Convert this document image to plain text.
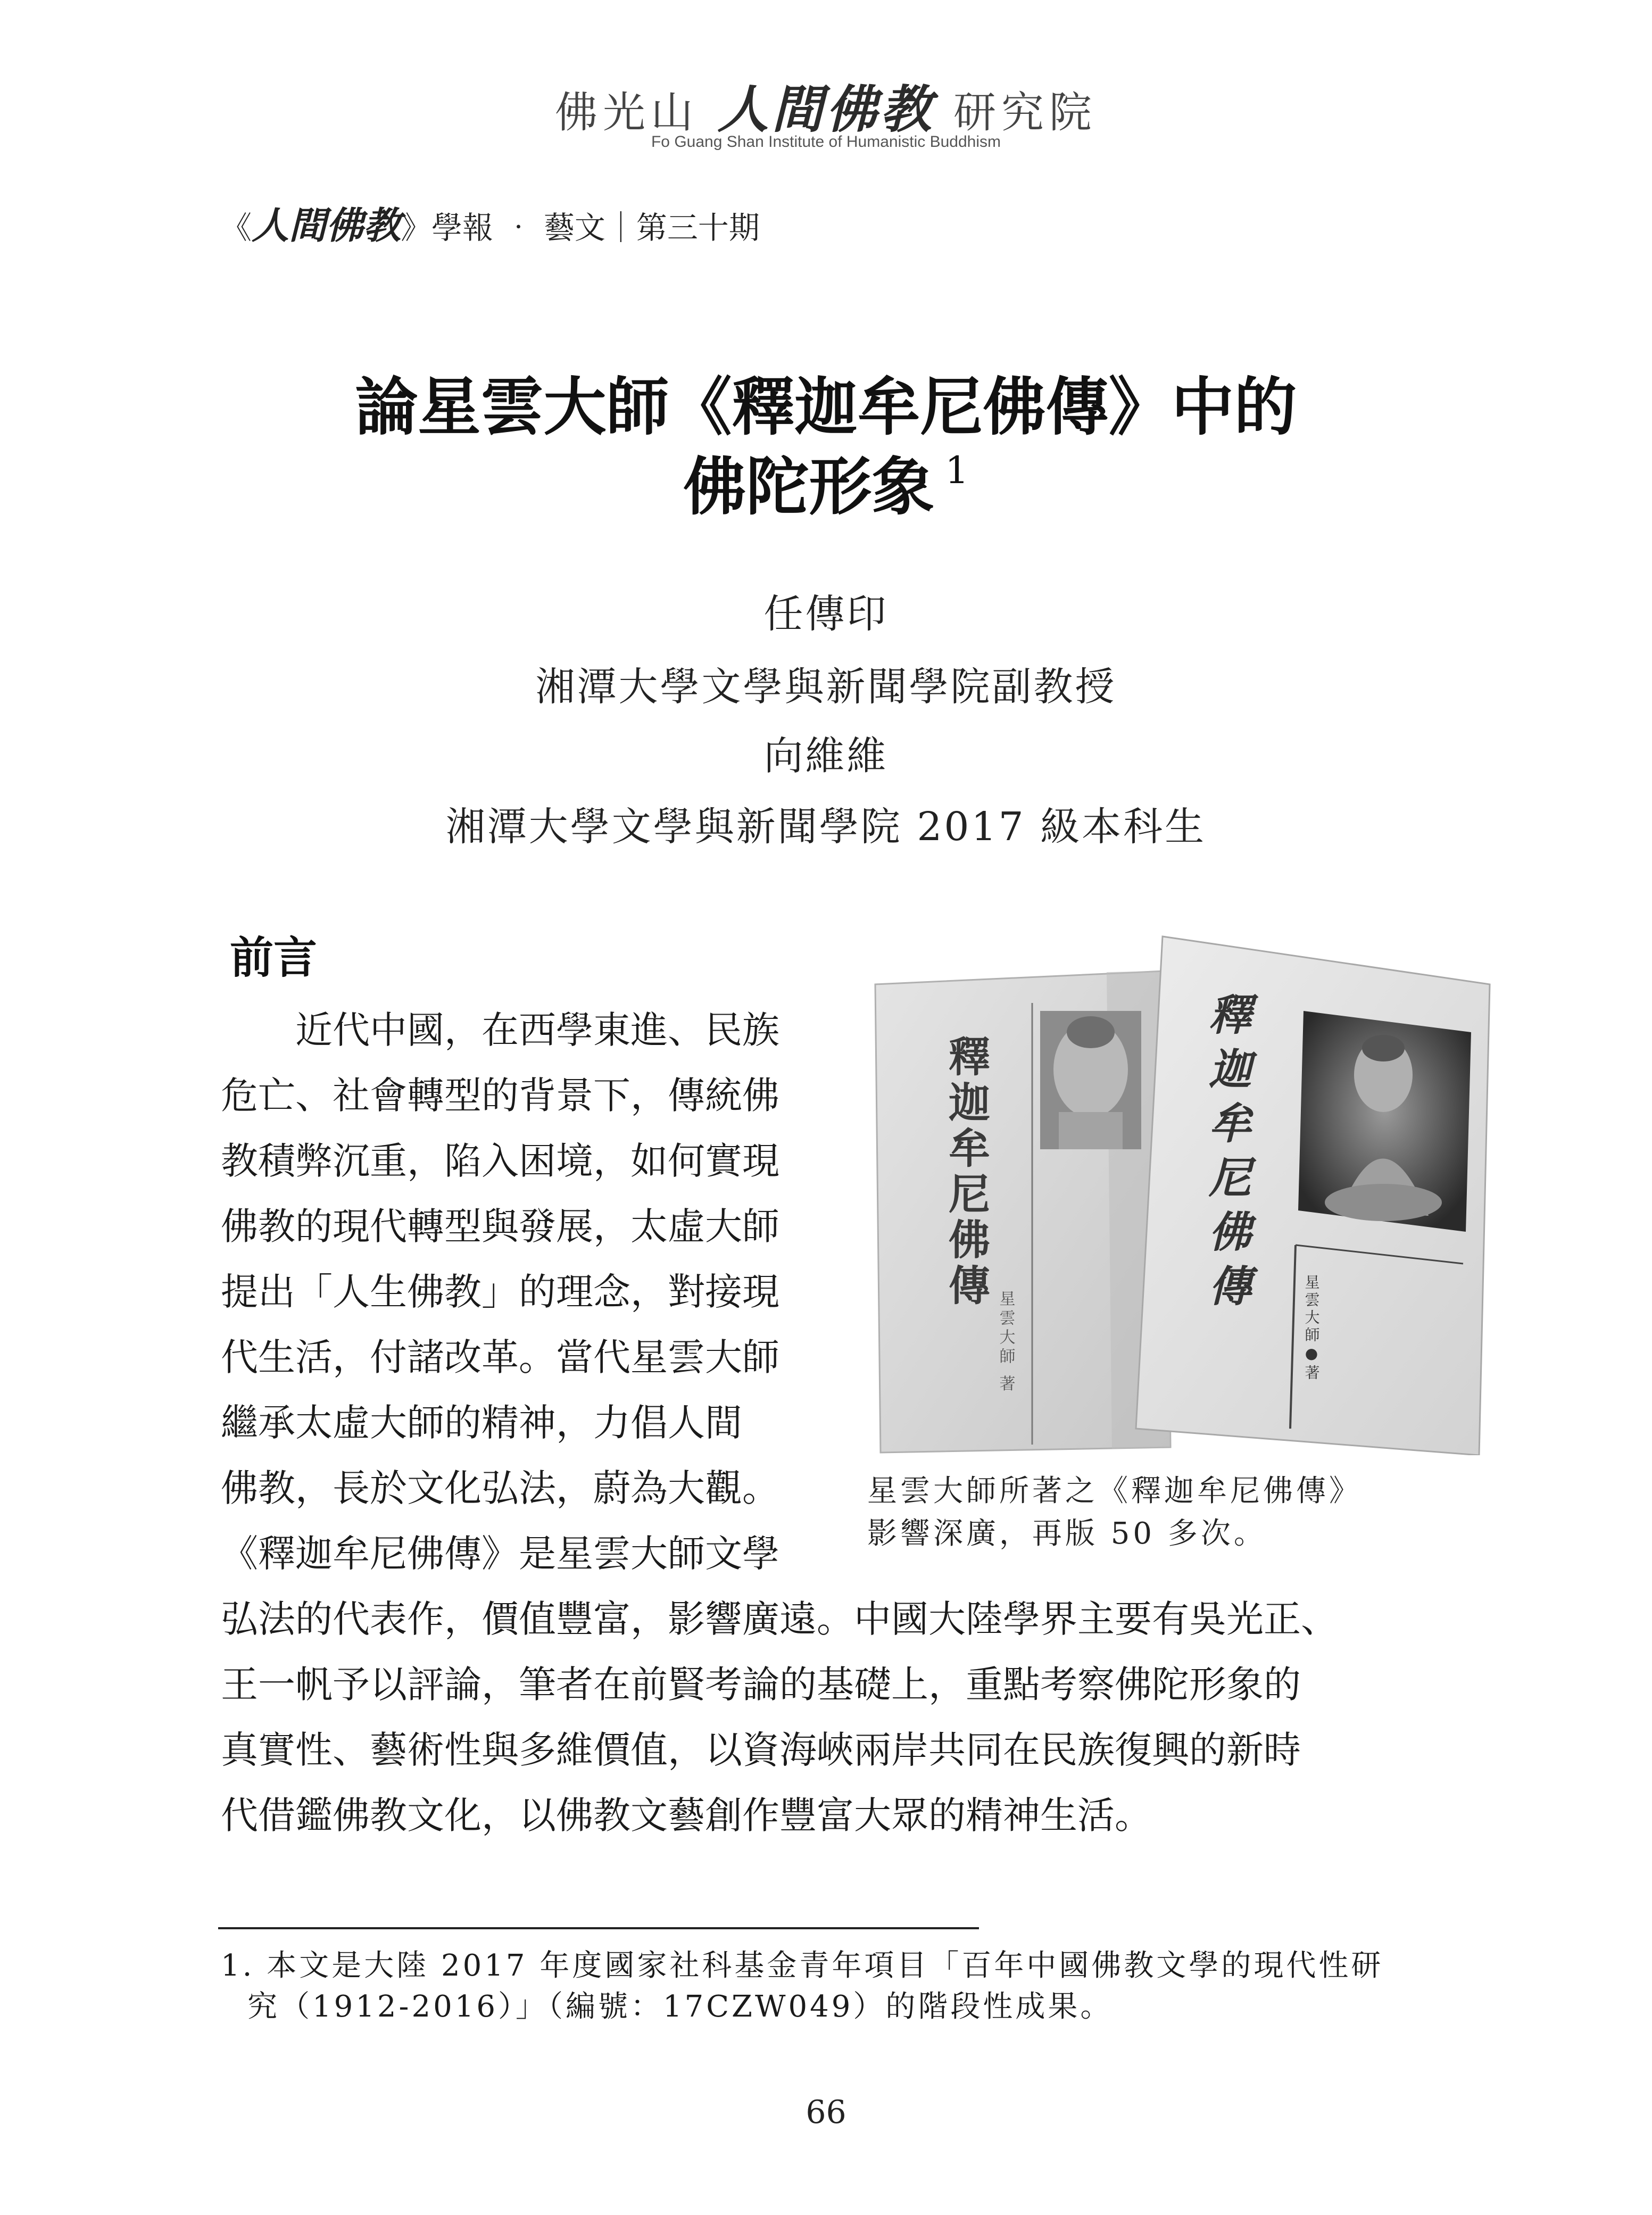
佛光山 人間佛教 研究院
Fo Guang Shan Institute of Humanistic Buddhism
《人間佛教》學報 ‧ 藝文｜第三十期
論星雲大師《釋迦牟尼佛傳》中的
佛陀形象 $^1$
任傳印
湘潭大學文學與新聞學院副教授
向維維
湘潭大學文學與新聞學院 2017 級本科生
前言
　　近代中國，在西學東進、民族
危亡、社會轉型的背景下，傳統佛
教積弊沉重，陷入困境，如何實現
佛教的現代轉型與發展，太虛大師
提出「人生佛教」的理念，對接現
代生活，付諸改革。當代星雲大師
繼承太虛大師的精神，力倡人間
佛教，長於文化弘法，蔚為大觀。
《釋迦牟尼佛傳》是星雲大師文學
弘法的代表作，價值豐富，影響廣遠。中國大陸學界主要有吳光正、
王一帆予以評論，筆者在前賢考論的基礎上，重點考察佛陀形象的
真實性、藝術性與多維價值，以資海峽兩岸共同在民族復興的新時
代借鑑佛教文化，以佛教文藝創作豐富大眾的精神生活。
釋迦牟尼佛傳
星雲大師 著
釋迦牟尼佛傳
星雲大師●著
星雲大師所著之《釋迦牟尼佛傳》
影響深廣，再版 50 多次。
1. 本文是大陸 2017 年度國家社科基金青年項目「百年中國佛教文學的現代性研
究（1912-2016）」（編號：17CZW049）的階段性成果。
66
